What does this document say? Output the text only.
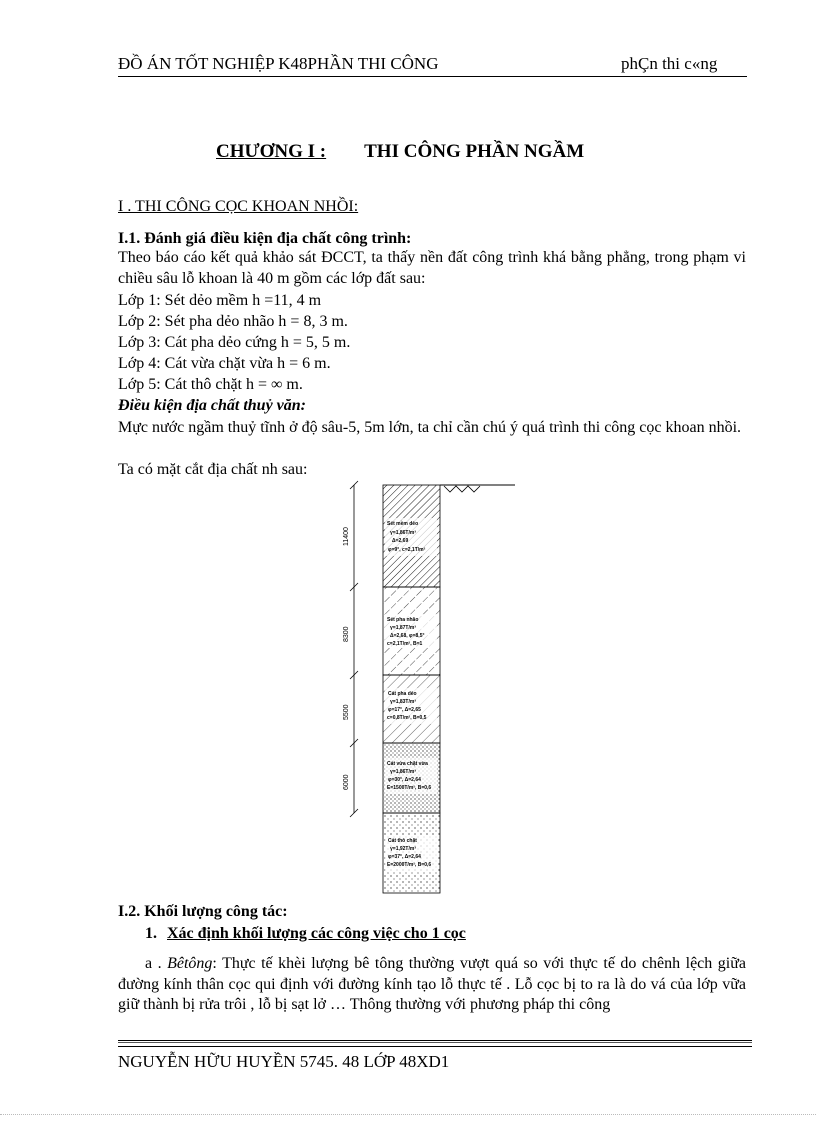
ĐỒ ÁN TỐT NGHIỆP K48PHẦN THI CÔNG	phÇn thi c«ng
CHƯƠNG I : THI CÔNG PHẦN NGẦM
I . THI CÔNG CỌC KHOAN NHỒI:
I.1. Đánh giá điều kiện địa chất công trình:
Theo báo cáo kết quả khảo sát ĐCCT, ta thấy nền đất công trình khá bằng phẳng, trong phạm vi chiều sâu lỗ khoan là 40 m gồm các lớp đất sau:
Lớp 1: Sét dẻo mềm h =11, 4 m
Lớp 2: Sét pha dẻo nhão h = 8, 3 m.
Lớp 3: Cát pha dẻo cứng h = 5, 5 m.
Lớp 4: Cát vừa chặt vừa h = 6 m.
Lớp 5: Cát thô chặt h = ∞ m.
Điều kiện địa chất thuỷ văn:
Mực nước ngầm thuỷ tĩnh ở độ sâu-5, 5m lớn, ta chỉ cần chú ý quá trình thi công cọc khoan nhồi.
Ta có mặt cắt địa chất nh sau:
Sét mềm dẻo
γ=1,86T/m³
Δ=2,69
φ=9°, c=2,1T/m²
Sét pha nhão
γ=1,87T/m³
Δ=2,68, φ=8,5°
c=2,1T/m², B=1
Cát pha dẻo
γ=1,83T/m³
φ=17°, Δ=2,65
c=0,8T/m², B=0,5
Cát vừa chặt vừa
γ=1,86T/m³
φ=30°, Δ=2,64
E=1500T/m², B=0,6
Cát thô chặt
γ=1,92T/m³
φ=37°, Δ=2,64
E=2000T/m², B=0,6
11400
8300
5500
6000
I.2. Khối lượng công tác:
1. Xác định khối lượng các công việc cho 1 cọc
a . Bêtông: Thực tế khèi lượng bê tông thường vượt quá so với thực tế do chênh lệch giữa đường kính thân cọc qui định với đường kính tạo lỗ thực tế . Lỗ cọc bị to ra là do vá của lớp vữa giữ thành bị rửa trôi , lỗ bị sạt lở … Thông thường với phương pháp thi công
NGUYỄN HỮU HUYỀN 5745. 48 LỚP 48XD1
